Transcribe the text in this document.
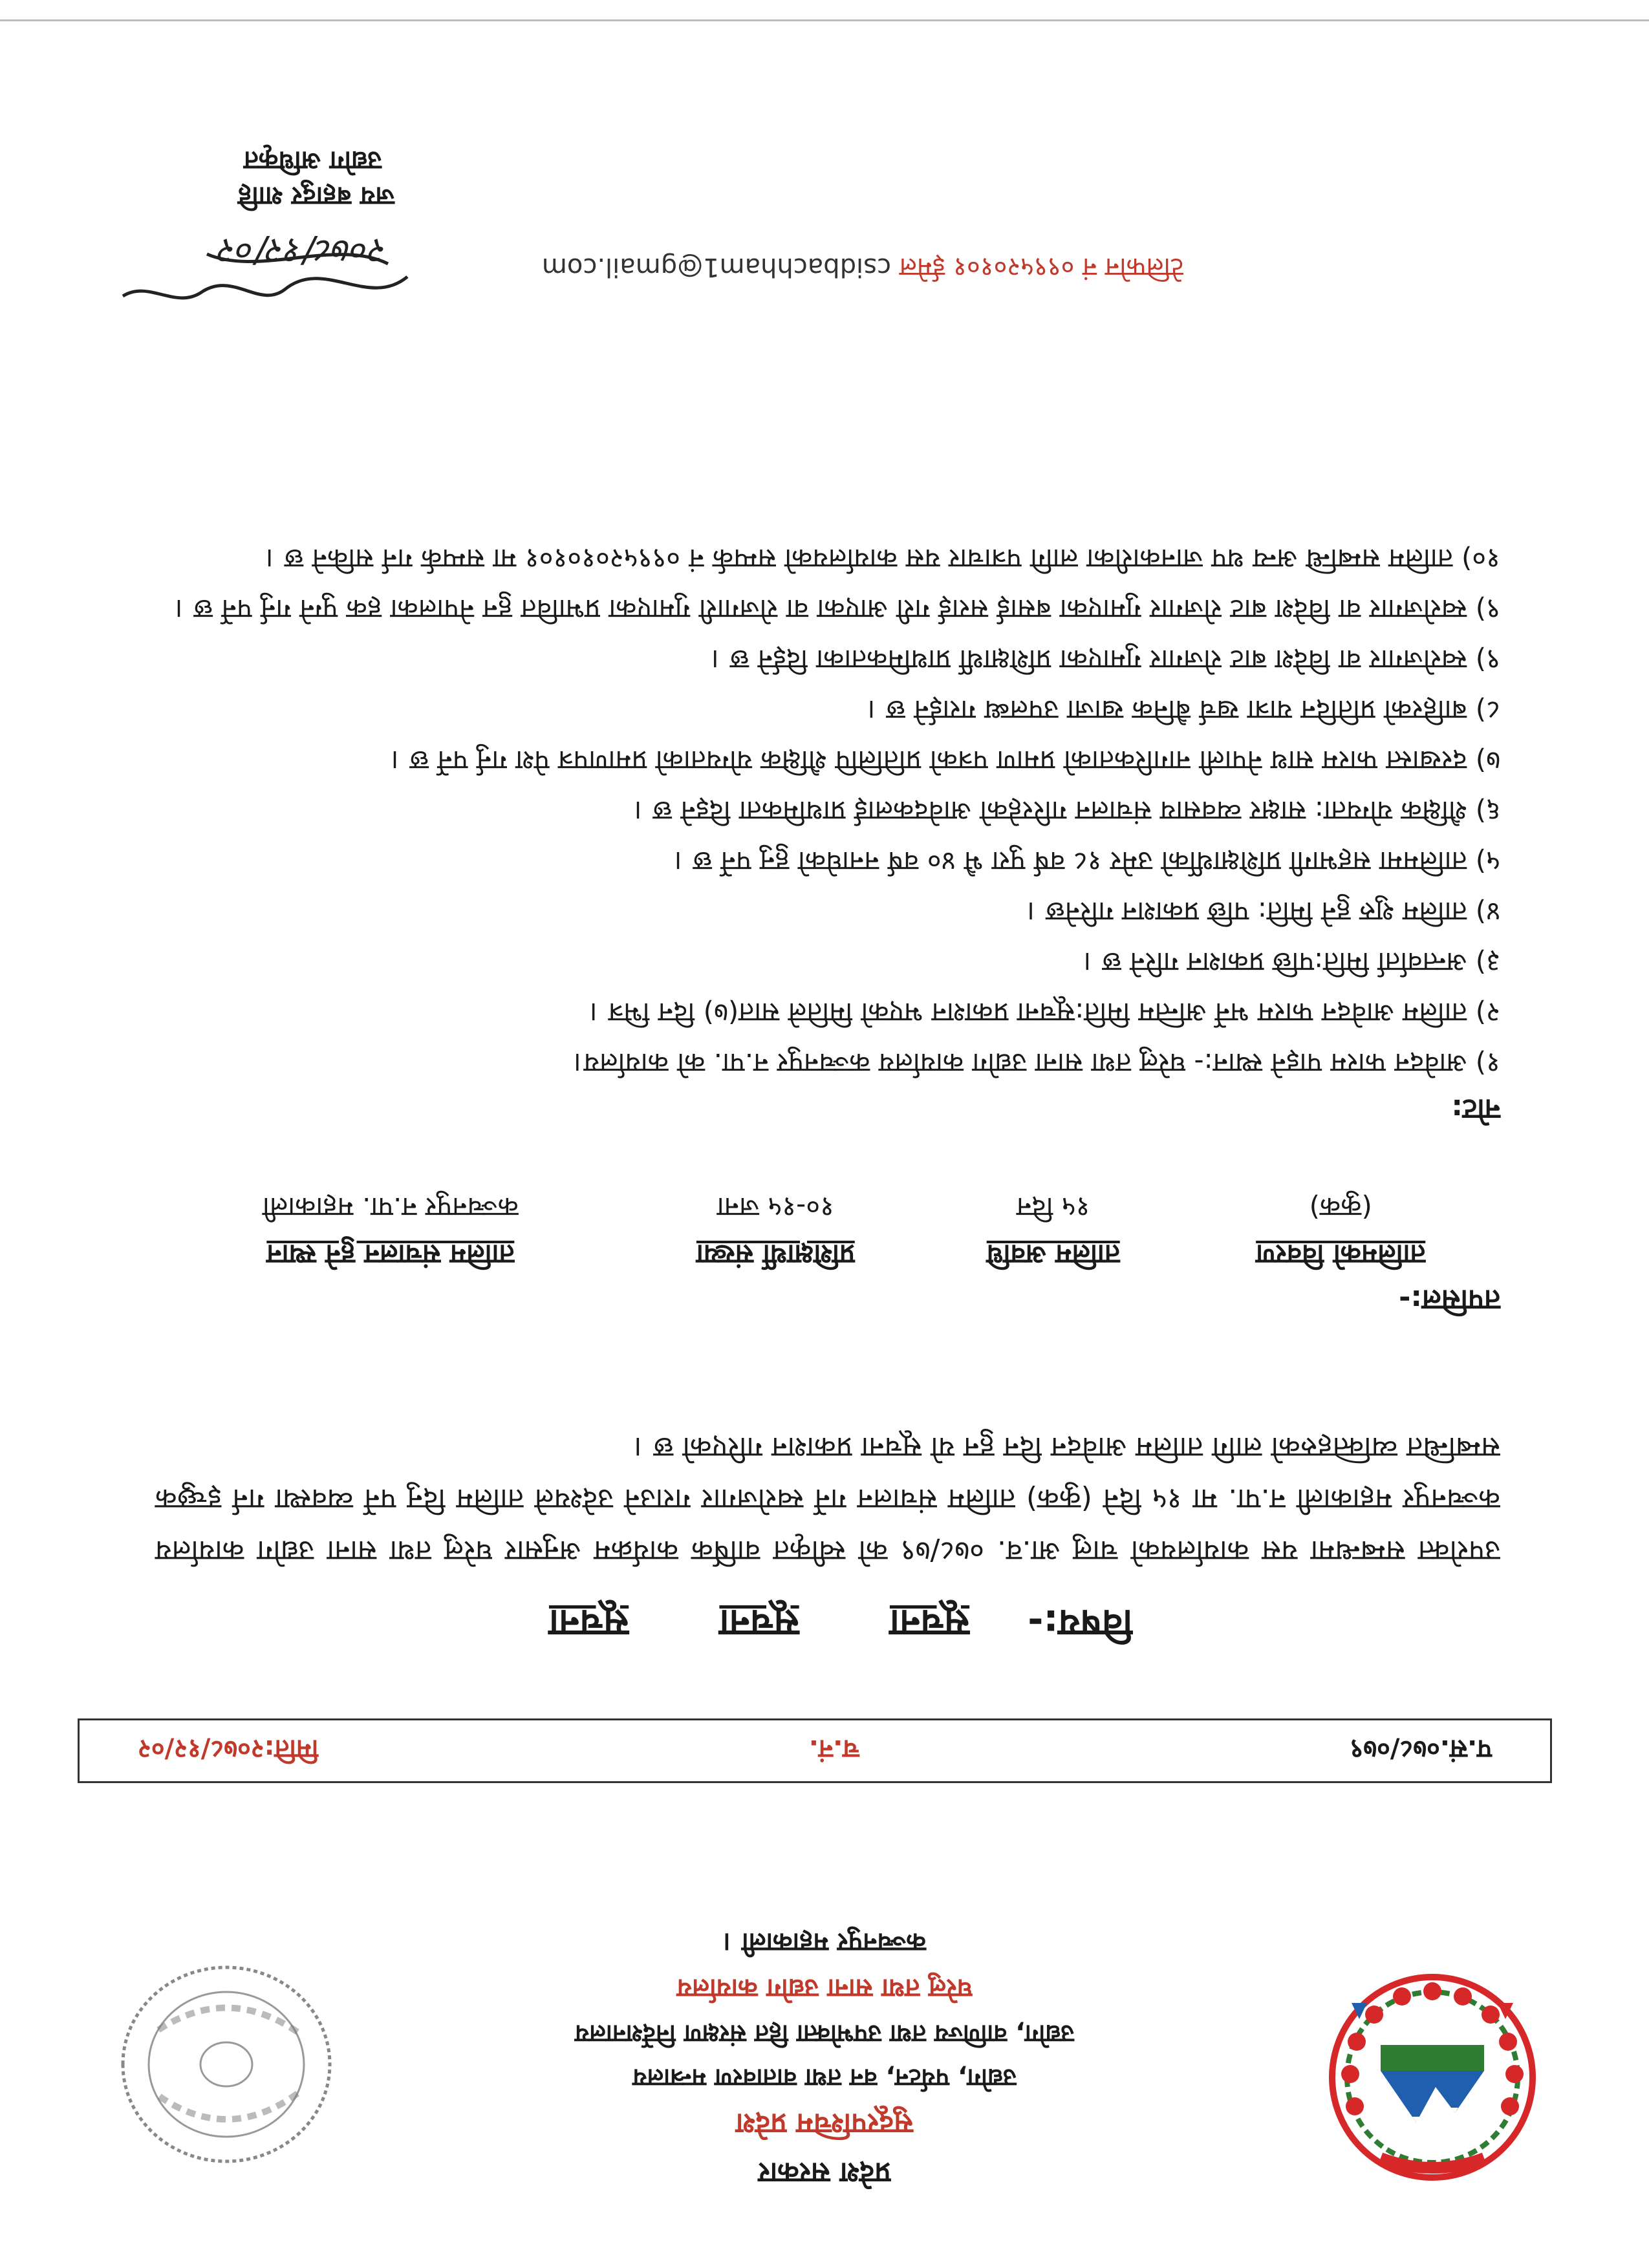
प्रदेश सरकार
सुदूरपश्चिम प्रदेश
उद्योग, पर्यटन, वन तथा वातावरण मन्त्रालय
उद्योग, वाणिज्य तथा उपभोक्ता हित संरक्षण निर्देशनालय
घरेलु तथा साना उद्योग कार्यालय
कञ्चनपुर महाकाली ।
प.सं.०७८/०७९
च.नं.
मिति:२०७८/१२/०२
विषय:- सूचना सूचना सूचना
उपरोक्त सम्बन्धमा यस कार्यालयको चालु आ.व. ०७८/७९ को स्वीकृत वार्षिक कार्यक्रम अनुसार घरेलु तथा साना उद्योग कार्यालय कञ्चनपुर महाकाली न.पा. मा १५ दिने (कुक) तालिम संचालन गर्ने स्वरोजगार गराउने उदेश्यले तालिम दिनु पर्ने व्यवस्था गर्न इच्छुक सम्बन्धित व्यक्तिहरुको लागि तालिम आवेदन दिन हुन यो सूचना प्रकाशन गरिएको छ ।
तपसिल:-
तालिमको विवरण	तालिम अवधि	प्रशिक्षार्थी संख्या	तालिम संचालन हुने स्थान
(कुक)	१५ दिन	१०-१५ जना	कञ्चनपुर न.पा. महाकाली
नोट:

१) आवेदन फारम पाइने स्थान:- घरेलु तथा साना उद्योग कार्यालय कञ्चनपुर न.पा. को कार्यालय।

२) तालिम आवेदन फारम भर्ने अन्तिम मिति:सूचना प्रकाशन भएको मितिले सात(७) दिन भित्र ।

३) अन्तर्वार्ता मिति:पछि प्रकाशन गरिने छ ।

४) तालिम शुरु हुने मिति: पछि प्रकाशन गरिनेछ ।

५) तालिममा सहभागी प्रशिक्षार्थीको उमेर १८ वर्ष पुरा भै ४० वर्ष ननाघेको हुनु पर्ने छ ।

६) शैक्षिक योग्यता: साक्षर व्यवसाय संचालन गरिरहेको आवेदकलाई प्राथमिकता दिइने छ ।

७) दरखास्त फारम साथ नेपाली नागरिकताको प्रमाण पत्रको प्रतिलिपि शैक्षिक योग्यताको प्रमाणपत्र पेश गर्नु पर्ने छ ।

८) बाहिरको प्रतिदिन यात्रा खर्च बैनिक खाजा उपलब्ध गराईने छ ।

९) स्वरोजगार वा विदेश बाट रोजगार गुमाएका प्रशिक्षार्थी प्राथमिकताका दिईने छ ।

९) स्वरोजगार वा विदेश बाट रोजगार गुमाएका बसाई सराई गरी आएका वा रोजगारी गुमाएका प्रभावित हुन नेपालका हक पुग्ने गर्नु पर्ने छ ।

१०) तालिम सम्बन्धि अन्य थप जानकारीका लागि पत्राचार यस कार्यालयको सम्पर्क नं ०९९५२०१०१०१ मा सम्पर्क गर्न सकिने छ ।

टेलिफोन नं ०९९५२०१०१ ईमेल csidbachham1@gmail.com
२०७८/१२/०२
जय बहादुर शाहि
उद्योग अधिकृत
